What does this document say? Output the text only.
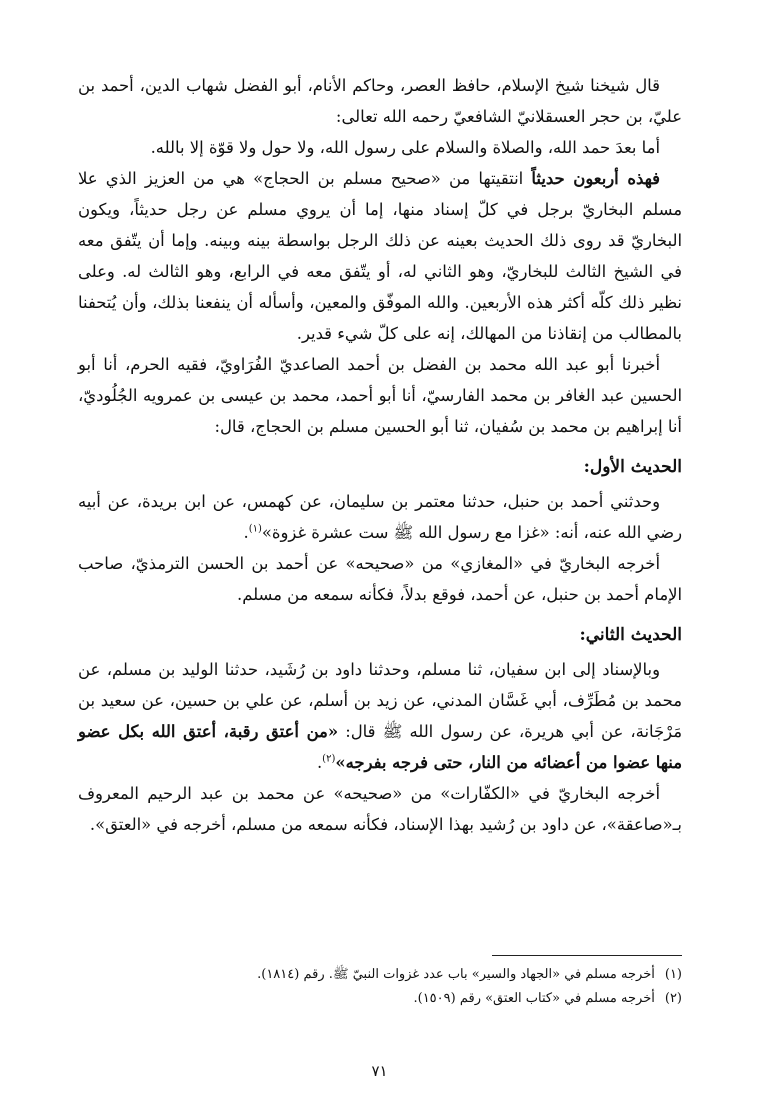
قال شيخنا شيخ الإسلام، حافظ العصر، وحاكم الأنام، أبو الفضل شهاب الدين، أحمد بن عليّ، بن حجر العسقلانيّ الشافعيّ رحمه الله تعالى:

أما بعدَ حمد الله، والصلاة والسلام على رسول الله، ولا حول ولا قوّة إلا بالله.

فهذه أربعون حديثاً انتقيتها من «صحيح مسلم بن الحجاج» هي من العزيز الذي علا مسلم البخاريّ برجل في كلّ إسناد منها، إما أن يروي مسلم عن رجل حديثاً، ويكون البخاريّ قد روى ذلك الحديث بعينه عن ذلك الرجل بواسطة بينه وبينه. وإما أن يتّفق معه في الشيخ الثالث للبخاريّ، وهو الثاني له، أو يتّفق معه في الرابع، وهو الثالث له. وعلى نظير ذلك كلّه أكثر هذه الأربعين. والله الموفّق والمعين، وأسأله أن ينفعنا بذلك، وأن يُتحفنا بالمطالب من إنقاذنا من المهالك، إنه على كلّ شيء قدير.

أخبرنا أبو عبد الله محمد بن الفضل بن أحمد الصاعديّ الفُرَاويّ، فقيه الحرم، أنا أبو الحسين عبد الغافر بن محمد الفارسيّ، أنا أبو أحمد، محمد بن عيسى بن عمرويه الجُلُوديّ، أنا إبراهيم بن محمد بن سُفيان، ثنا أبو الحسين مسلم بن الحجاج، قال:

الحديث الأول:

وحدثني أحمد بن حنبل، حدثنا معتمر بن سليمان، عن كهمس، عن ابن بريدة، عن أبيه رضي الله عنه، أنه: «غزا مع رسول الله ﷺ ست عشرة غزوة»$^{(١)}$.

أخرجه البخاريّ في «المغازي» من «صحيحه» عن أحمد بن الحسن الترمذيّ، صاحب الإمام أحمد بن حنبل، عن أحمد، فوقع بدلاً، فكأنه سمعه من مسلم.

الحديث الثاني:

وبالإسناد إلى ابن سفيان، ثنا مسلم، وحدثنا داود بن رُشَيد، حدثنا الوليد بن مسلم، عن محمد بن مُطَرِّف، أبي غَسَّان المدني، عن زيد بن أسلم، عن علي بن حسين، عن سعيد بن مَرْجَانة، عن أبي هريرة، عن رسول الله ﷺ قال: «من أعتق رقبة، أعتق الله بكل عضو منها عضوا من أعضائه من النار، حتى فرجه بفرجه»$^{(٢)}$.

أخرجه البخاريّ في «الكفّارات» من «صحيحه» عن محمد بن عبد الرحيم المعروف بـ«صاعقة»، عن داود بن رُشيد بهذا الإسناد، فكأنه سمعه من مسلم، أخرجه في «العتق».

(١)أخرجه مسلم في «الجهاد والسير» باب عدد غزوات النبيّ ﷺ. رقم (١٨١٤).

(٢)أخرجه مسلم في «كتاب العتق» رقم (١٥٠٩).

٧١
